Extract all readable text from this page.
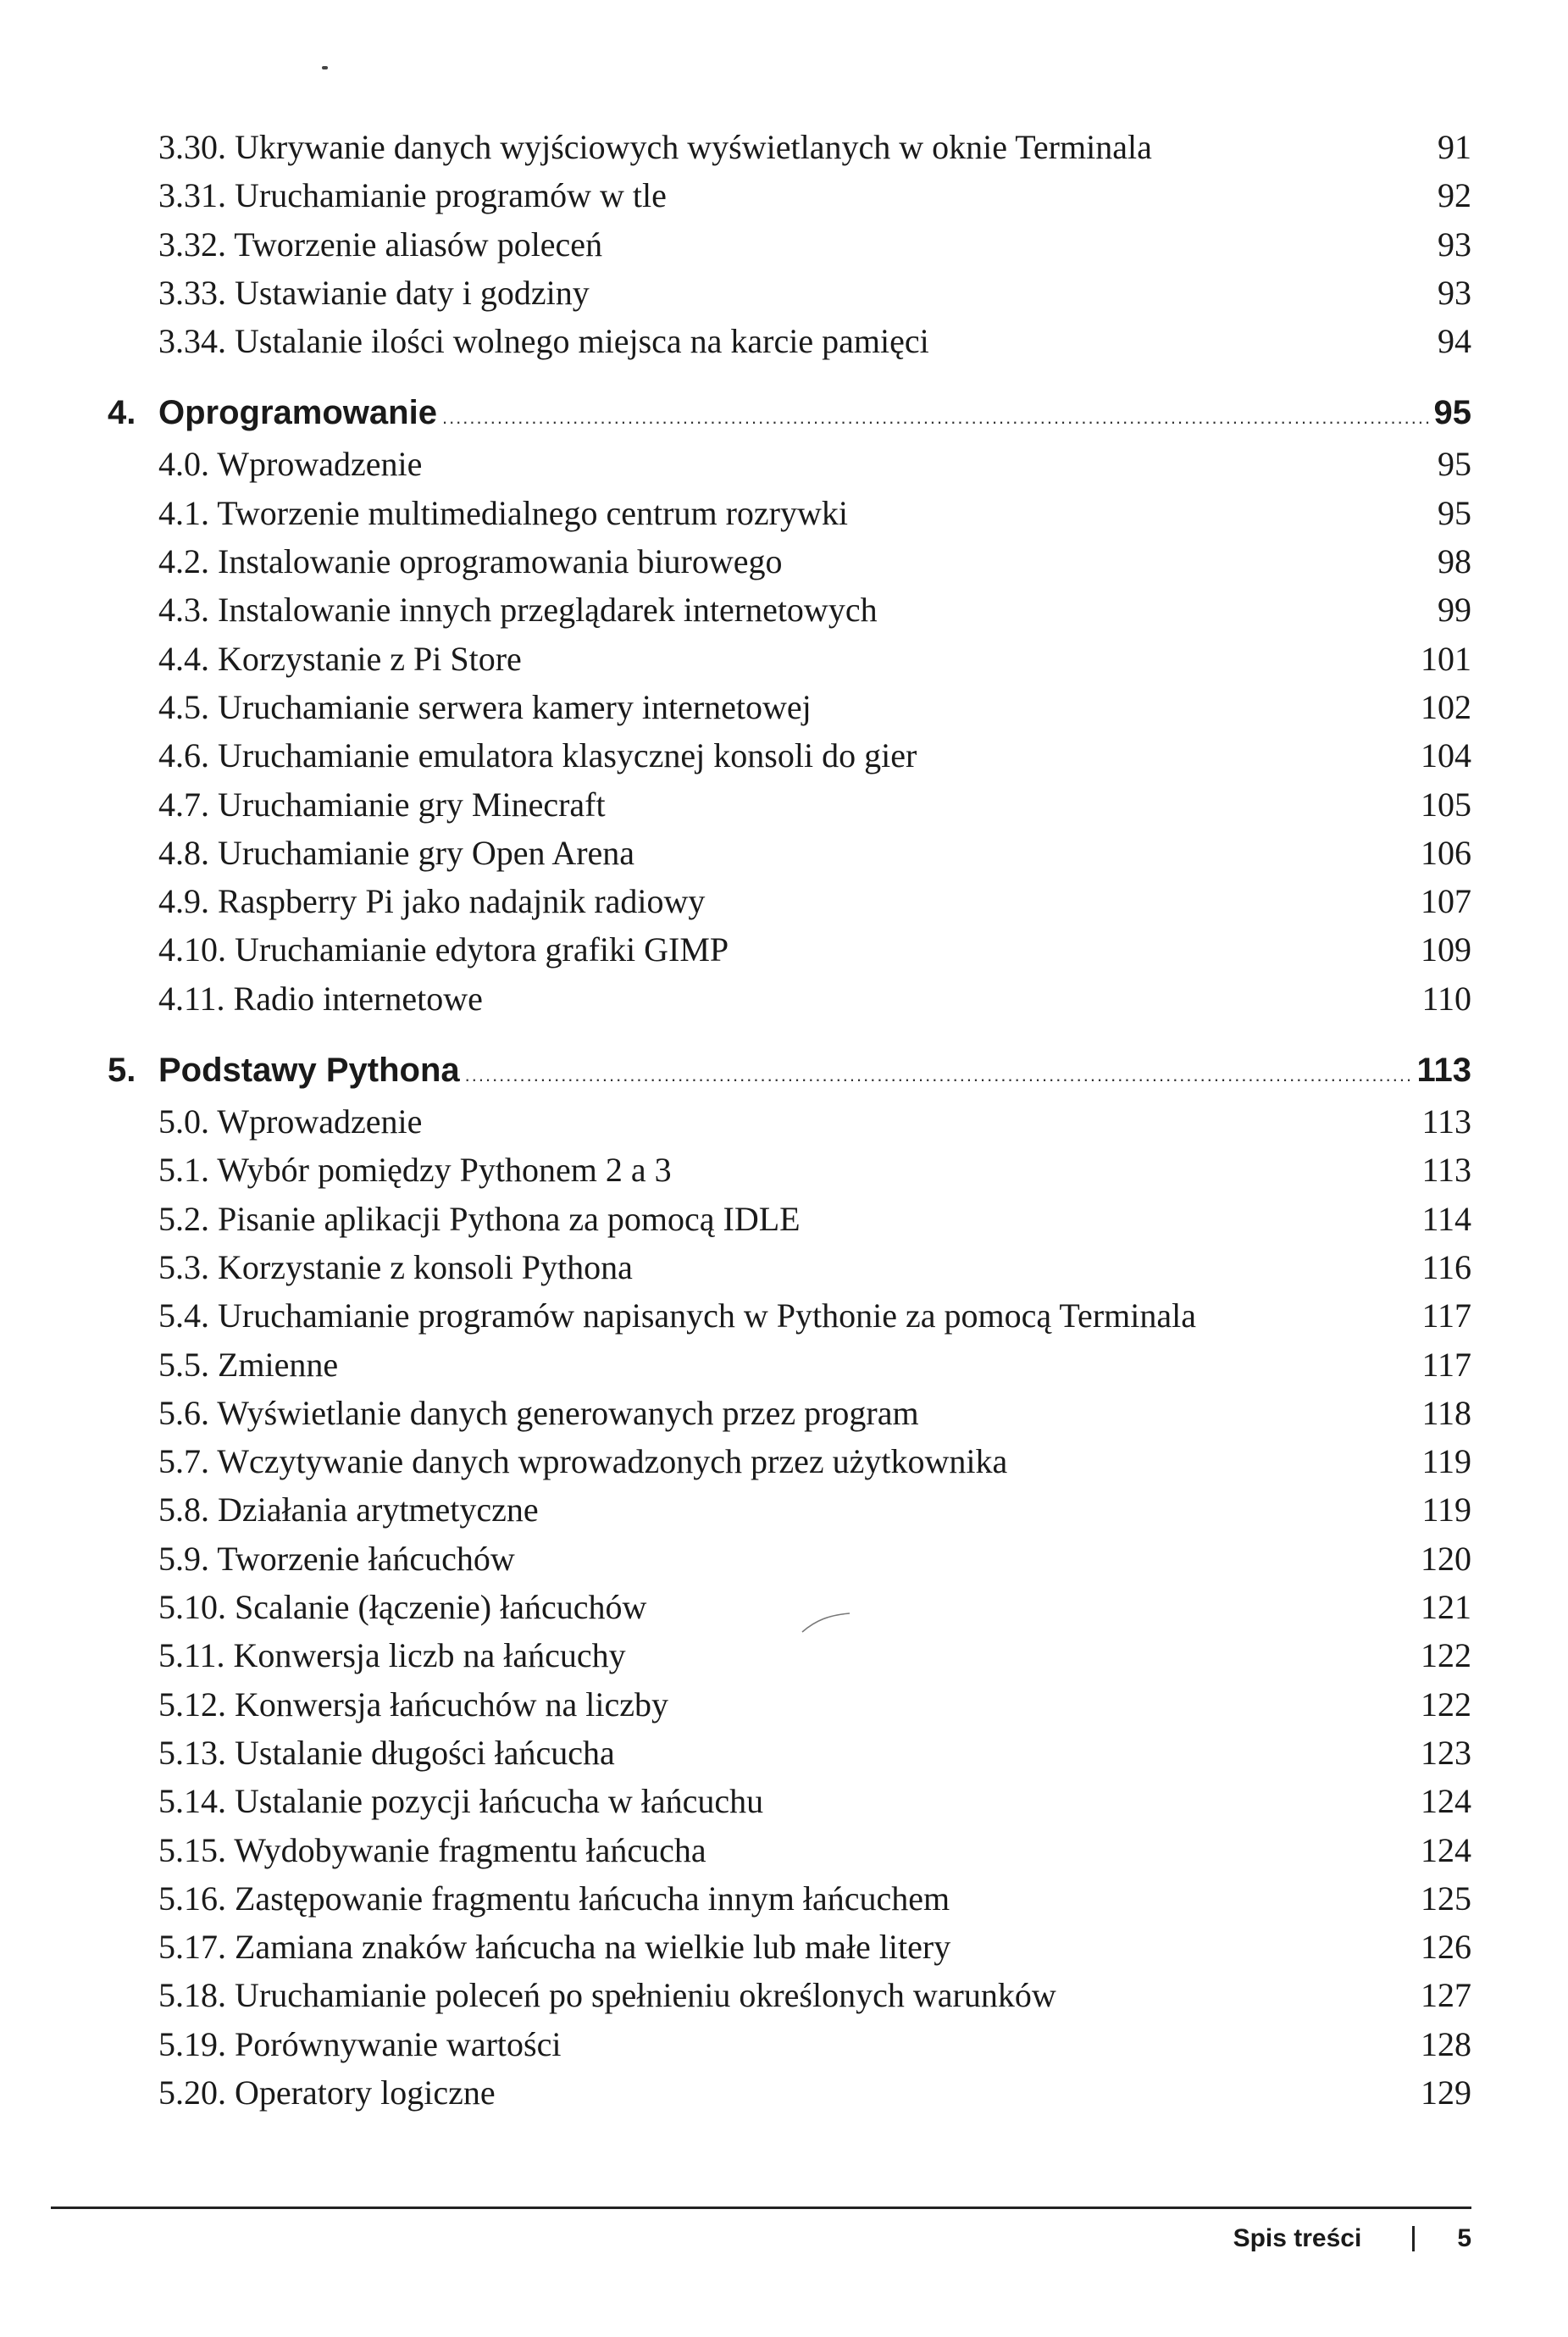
3.30. Ukrywanie danych wyjściowych wyświetlanych w oknie Terminala	91
3.31. Uruchamianie programów w tle	92
3.32. Tworzenie aliasów poleceń	93
3.33. Ustawianie daty i godziny	93
3.34. Ustalanie ilości wolnego miejsca na karcie pamięci	94
4. Oprogramowanie .....	95
4.0. Wprowadzenie	95
4.1. Tworzenie multimedialnego centrum rozrywki	95
4.2. Instalowanie oprogramowania biurowego	98
4.3. Instalowanie innych przeglądarek internetowych	99
4.4. Korzystanie z Pi Store	101
4.5. Uruchamianie serwera kamery internetowej	102
4.6. Uruchamianie emulatora klasycznej konsoli do gier	104
4.7. Uruchamianie gry Minecraft	105
4.8. Uruchamianie gry Open Arena	106
4.9. Raspberry Pi jako nadajnik radiowy	107
4.10. Uruchamianie edytora grafiki GIMP	109
4.11. Radio internetowe	110
5. Podstawy Pythona .....	113
5.0. Wprowadzenie	113
5.1. Wybór pomiędzy Pythonem 2 a 3	113
5.2. Pisanie aplikacji Pythona za pomocą IDLE	114
5.3. Korzystanie z konsoli Pythona	116
5.4. Uruchamianie programów napisanych w Pythonie za pomocą Terminala	117
5.5. Zmienne	117
5.6. Wyświetlanie danych generowanych przez program	118
5.7. Wczytywanie danych wprowadzonych przez użytkownika	119
5.8. Działania arytmetyczne	119
5.9. Tworzenie łańcuchów	120
5.10. Scalanie (łączenie) łańcuchów	121
5.11. Konwersja liczb na łańcuchy	122
5.12. Konwersja łańcuchów na liczby	122
5.13. Ustalanie długości łańcucha	123
5.14. Ustalanie pozycji łańcucha w łańcuchu	124
5.15. Wydobywanie fragmentu łańcucha	124
5.16. Zastępowanie fragmentu łańcucha innym łańcuchem	125
5.17. Zamiana znaków łańcucha na wielkie lub małe litery	126
5.18. Uruchamianie poleceń po spełnieniu określonych warunków	127
5.19. Porównywanie wartości	128
5.20. Operatory logiczne	129
Spis treści	5
